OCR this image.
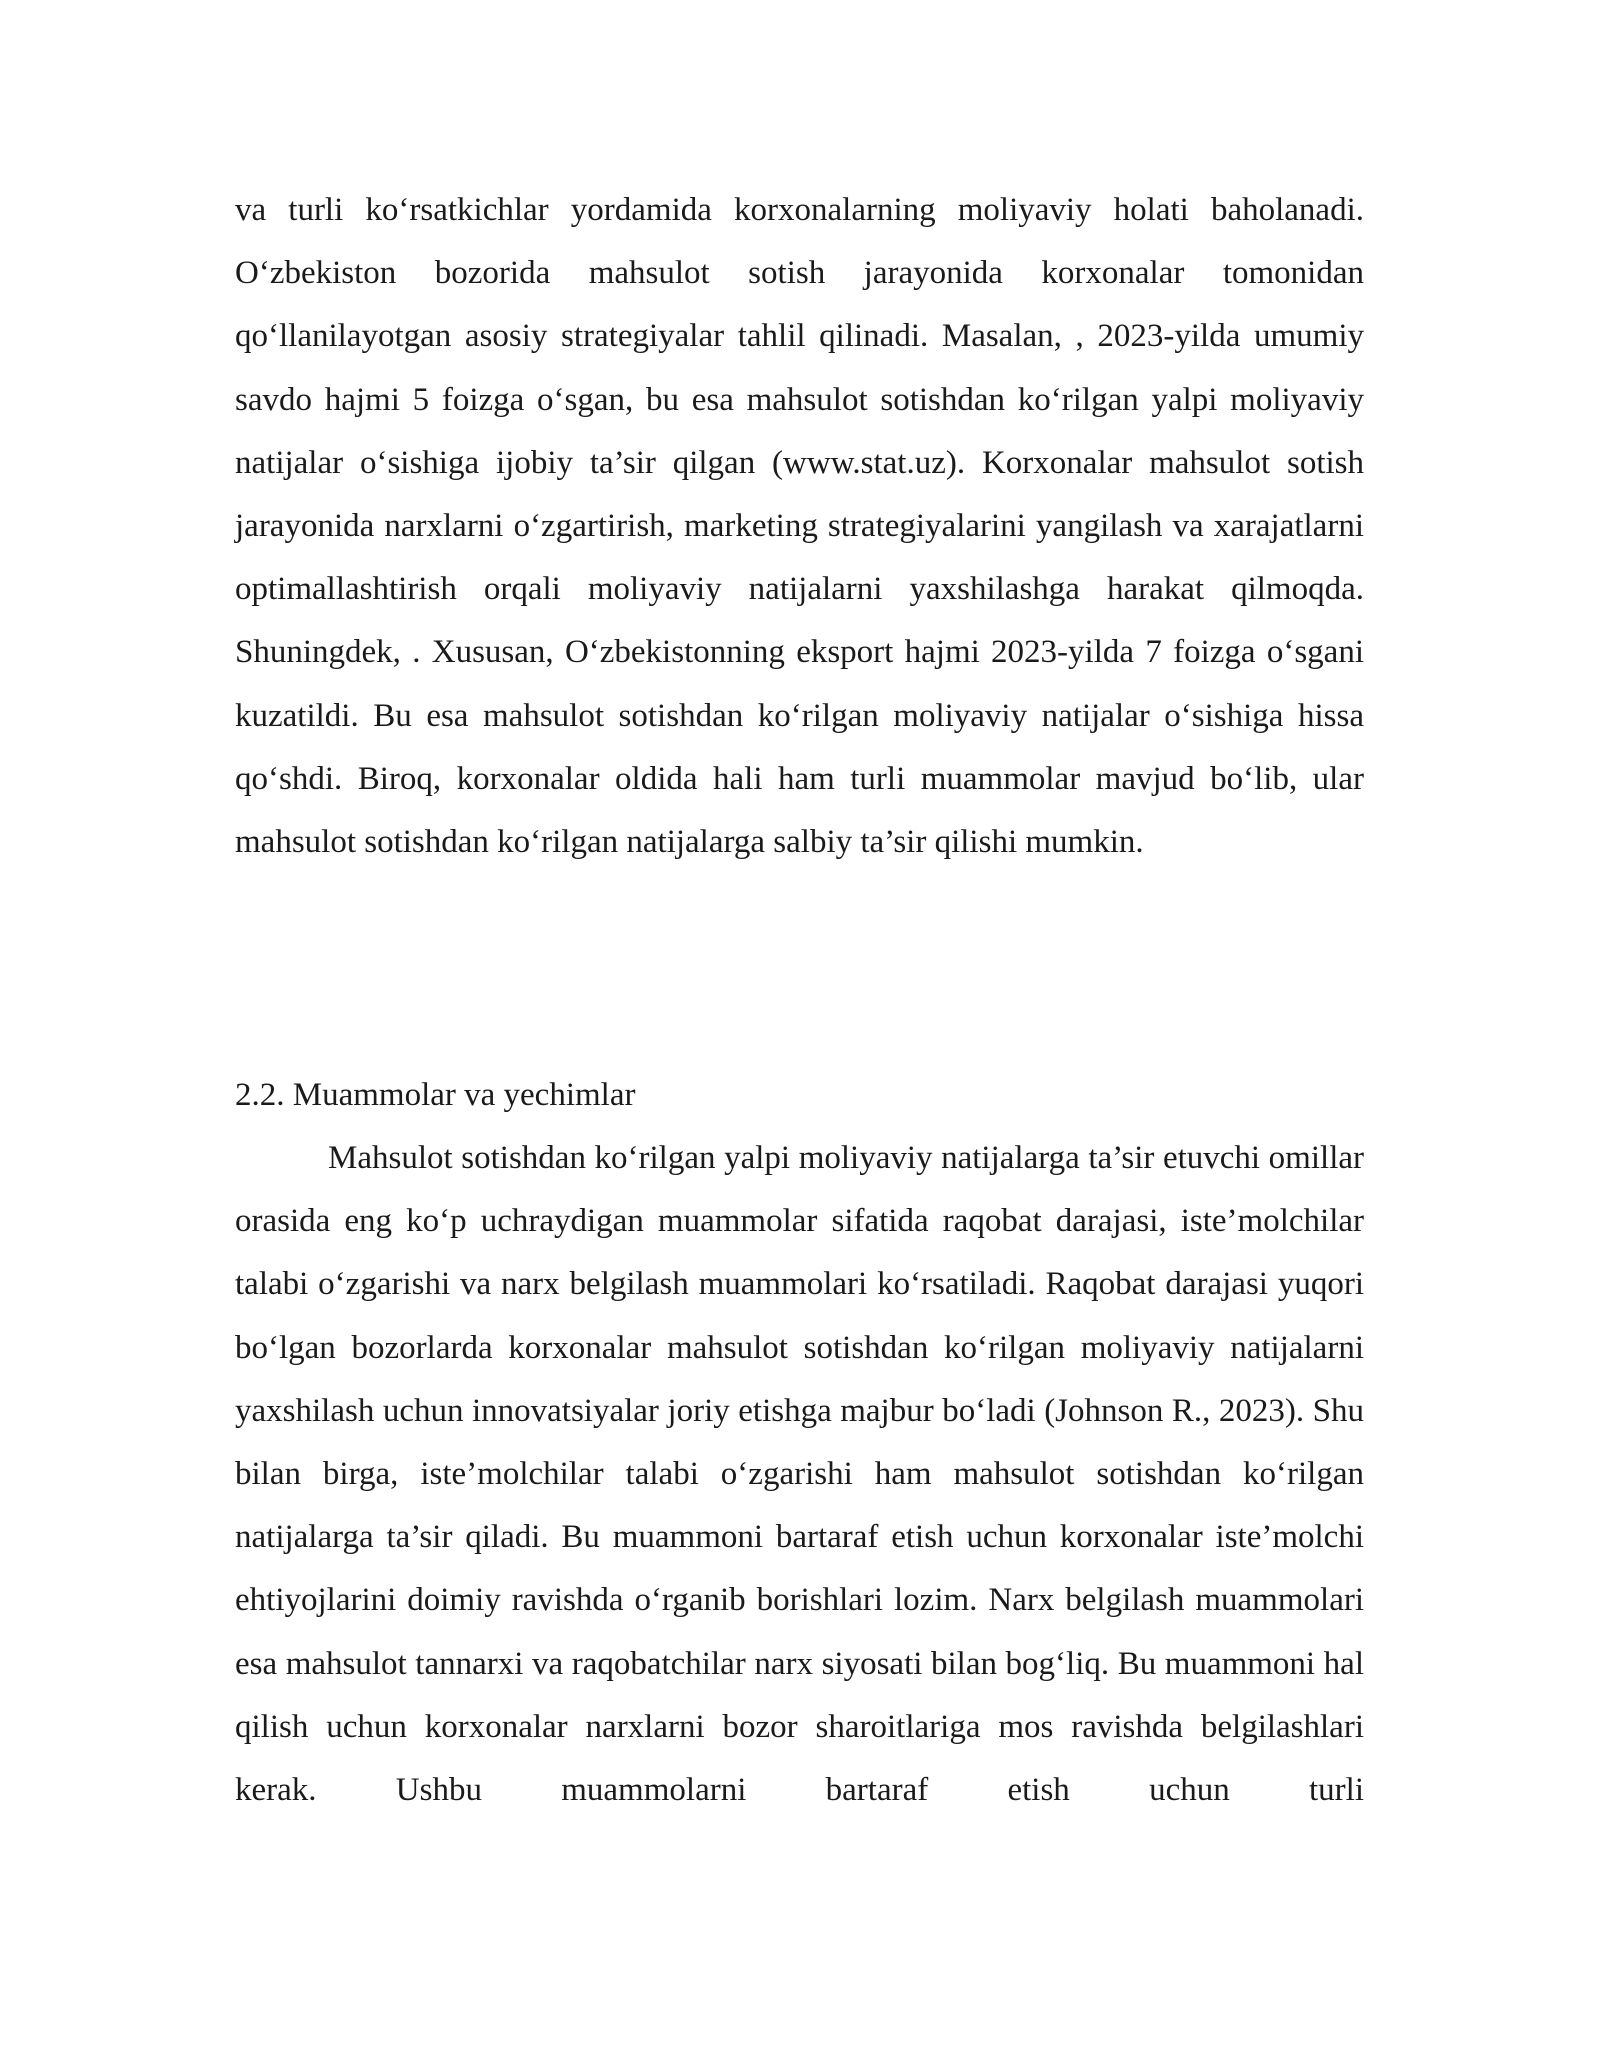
va turli ko‘rsatkichlar yordamida korxonalarning moliyaviy holati baholanadi. O‘zbekiston bozorida mahsulot sotish jarayonida korxonalar tomonidan qo‘llanilayotgan asosiy strategiyalar tahlil qilinadi. Masalan, , 2023-yilda umumiy savdo hajmi 5 foizga o‘sgan, bu esa mahsulot sotishdan ko‘rilgan yalpi moliyaviy natijalar o‘sishiga ijobiy ta’sir qilgan (www.stat.uz). Korxonalar mahsulot sotish jarayonida narxlarni o‘zgartirish, marketing strategiyalarini yangilash va xarajatlarni optimallashtirish orqali moliyaviy natijalarni yaxshilashga harakat qilmoqda. Shuningdek, . Xususan, O‘zbekistonning eksport hajmi 2023-yilda 7 foizga o‘sgani kuzatildi. Bu esa mahsulot sotishdan ko‘rilgan moliyaviy natijalar o‘sishiga hissa qo‘shdi. Biroq, korxonalar oldida hali ham turli muammolar mavjud bo‘lib, ular mahsulot sotishdan ko‘rilgan natijalarga salbiy ta’sir qilishi mumkin.

2.2. Muammolar va yechimlar

Mahsulot sotishdan ko‘rilgan yalpi moliyaviy natijalarga ta’sir etuvchi omillar orasida eng ko‘p uchraydigan muammolar sifatida raqobat darajasi, iste’molchilar talabi o‘zgarishi va narx belgilash muammolari ko‘rsatiladi. Raqobat darajasi yuqori bo‘lgan bozorlarda korxonalar mahsulot sotishdan ko‘rilgan moliyaviy natijalarni yaxshilash uchun innovatsiyalar joriy etishga majbur bo‘ladi (Johnson R., 2023). Shu bilan birga, iste’molchilar talabi o‘zgarishi ham mahsulot sotishdan ko‘rilgan natijalarga ta’sir qiladi. Bu muammoni bartaraf etish uchun korxonalar iste’molchi ehtiyojlarini doimiy ravishda o‘rganib borishlari lozim. Narx belgilash muammolari esa mahsulot tannarxi va raqobatchilar narx siyosati bilan bog‘liq. Bu muammoni hal qilish uchun korxonalar narxlarni bozor sharoitlariga mos ravishda belgilashlari kerak. Ushbu muammolarni bartaraf etish uchun turli
